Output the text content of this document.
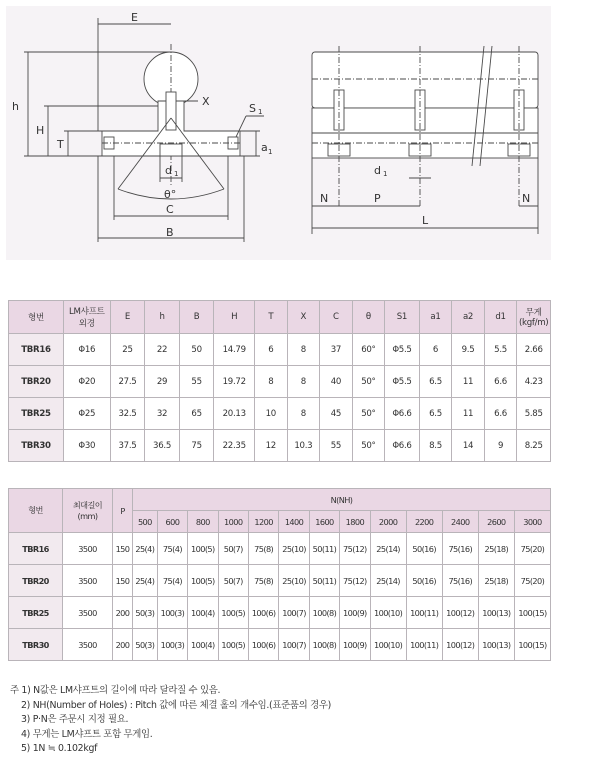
E
h
H
T
X
S 1
a 1
d 1
θ°
C
B
d 1
N	P	N
L
형번	LM샤프트
외경	E	h	B	H	T	X	C	θ	S1	a1	a2	d1	무게
(kgf/m)
TBR16	Φ16	25	22	50	14.79	6	8	37	60°	Φ5.5	6	9.5	5.5	2.66
TBR20	Φ20	27.5	29	55	19.72	8	8	40	50°	Φ5.5	6.5	11	6.6	4.23
TBR25	Φ25	32.5	32	65	20.13	10	8	45	50°	Φ6.6	6.5	11	6.6	5.85
TBR30	Φ30	37.5	36.5	75	22.35	12	10.3	55	50°	Φ6.6	8.5	14	9	8.25
형번	최대길이
(mm)	P	N(NH)												
			500	600	800	1000	1200	1400	1600	1800	2000	2200	2400	2600	3000
TBR16	3500	150	25(4)	75(4)	100(5)	50(7)	75(8)	25(10)	50(11)	75(12)	25(14)	50(16)	75(16)	25(18)	75(20)
TBR20	3500	150	25(4)	75(4)	100(5)	50(7)	75(8)	25(10)	50(11)	75(12)	25(14)	50(16)	75(16)	25(18)	75(20)
TBR25	3500	200	50(3)	100(3)	100(4)	100(5)	100(6)	100(7)	100(8)	100(9)	100(10)	100(11)	100(12)	100(13)	100(15)
TBR30	3500	200	50(3)	100(3)	100(4)	100(5)	100(6)	100(7)	100(8)	100(9)	100(10)	100(11)	100(12)	100(13)	100(15)
주 1) N값은 LM샤프트의 길이에 따라 달라질 수 있음.
2) NH(Number of Holes) : Pitch 값에 따른 체결 홀의 개수임.(표준품의 경우)
3) P·N은 주문시 지정 필요.
4) 무게는 LM샤프트 포함 무게임.
5) 1N ≒ 0.102kgf
